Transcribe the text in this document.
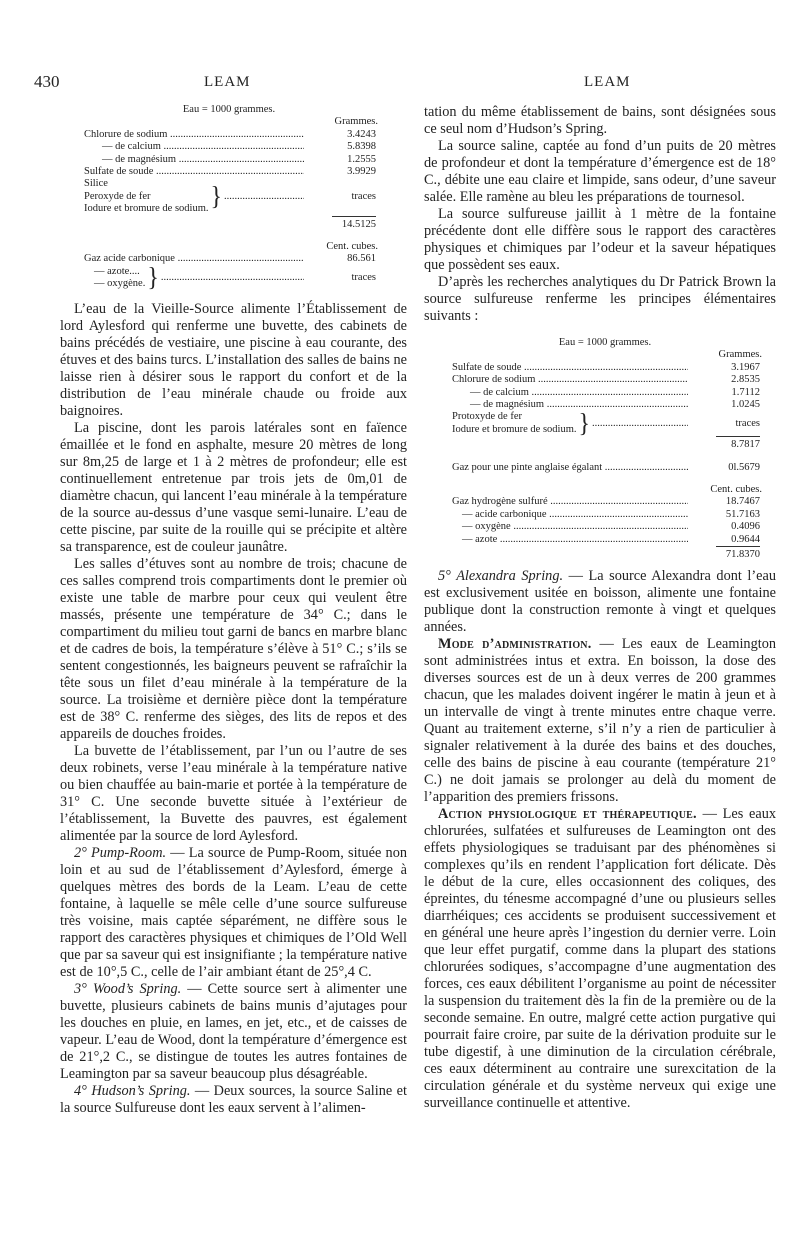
430	LEAM	LEAM
Eau = 1000 grammes.
Grammes.
Chlorure de sodium .....	3.4243
— de calcium .....	5.8398
— de magnésium .....	1.2555
Sulfate de soude .....	3.9929
Silice
Peroxyde de fer
Iodure et bromure de sodium. } .....	traces
14.5125
Cent. cubes.
Gaz acide carbonique .....	86.561
— azote....
— oxygène. } .....	traces

L’eau de la Vieille-Source alimente l’Établissement de lord Aylesford qui renferme une buvette, des cabinets de bains précédés de vestiaire, une piscine à eau courante, des étuves et des bains turcs. L’installation des salles de bains ne laisse rien à désirer sous le rapport du confort et de la distribution de l’eau minérale chaude ou froide aux baignoires.

La piscine, dont les parois latérales sont en faïence émaillée et le fond en asphalte, mesure 20 mètres de long sur 8m,25 de large et 1 à 2 mètres de profondeur; elle est continuellement entretenue par trois jets de 0m,01 de diamètre chacun, qui lancent l’eau minérale à la température de la source au-dessus d’une vasque semi-lunaire. L’eau de cette piscine, par suite de la rouille qui se précipite et altère sa transparence, est de couleur jaunâtre.

Les salles d’étuves sont au nombre de trois; chacune de ces salles comprend trois compartiments dont le premier où existe une table de marbre pour ceux qui veulent être massés, présente une température de 34° C.; dans le compartiment du milieu tout garni de bancs en marbre blanc et de cadres de bois, la température s’élève à 51° C.; s’ils se sentent congestionnés, les baigneurs peuvent se rafraîchir la tête sous un filet d’eau minérale à la température de la source. La troisième et dernière pièce dont la température est de 38° C. renferme des sièges, des lits de repos et des appareils de douches froides.

La buvette de l’établissement, par l’un ou l’autre de ses deux robinets, verse l’eau minérale à la température native ou bien chauffée au bain-marie et portée à la température de 31° C. Une seconde buvette située à l’extérieur de l’établissement, la Buvette des pauvres, est également alimentée par la source de lord Aylesford.

2° Pump-Room. — La source de Pump-Room, située non loin et au sud de l’établissement d’Aylesford, émerge à quelques mètres des bords de la Leam. L’eau de cette fontaine, à laquelle se mêle celle d’une source sulfureuse très voisine, mais captée séparément, ne diffère sous le rapport des caractères physiques et chimiques de l’Old Well que par sa saveur qui est insignifiante ; la température native est de 10°,5 C., celle de l’air ambiant étant de 25°,4 C.

3° Wood’s Spring. — Cette source sert à alimenter une buvette, plusieurs cabinets de bains munis d’ajutages pour les douches en pluie, en lames, en jet, etc., et de caisses de vapeur. L’eau de Wood, dont la température d’émergence est de 21°,2 C., se distingue de toutes les autres fontaines de Leamington par sa saveur beaucoup plus désagréable.

4° Hudson’s Spring. — Deux sources, la source Saline et la source Sulfureuse dont les eaux servent à l’alimen-

tation du même établissement de bains, sont désignées sous ce seul nom d’Hudson’s Spring.

La source saline, captée au fond d’un puits de 20 mètres de profondeur et dont la température d’émergence est de 18° C., débite une eau claire et limpide, sans odeur, d’une saveur salée. Elle ramène au bleu les préparations de tournesol.

La source sulfureuse jaillit à 1 mètre de la fontaine précédente dont elle diffère sous le rapport des caractères physiques et chimiques par l’odeur et la saveur hépatiques que possèdent ses eaux.

D’après les recherches analytiques du Dr Patrick Brown la source sulfureuse renferme les principes élémentaires suivants :

Eau = 1000 grammes.
Grammes.
Sulfate de soude .....	3.1967
Chlorure de sodium .....	2.8535
— de calcium .....	1.7112
— de magnésium .....	1.0245
Protoxyde de fer
Iodure et bromure de sodium. } .....	traces
8.7817
Gaz pour une pinte anglaise égalant .....	0l.5679
Cent. cubes.
Gaz hydrogène sulfuré .....	18.7467
— acide carbonique .....	51.7163
— oxygène .....	0.4096
— azote .....	0.9644
71.8370

5° Alexandra Spring. — La source Alexandra dont l’eau est exclusivement usitée en boisson, alimente une fontaine publique dont la construction remonte à vingt et quelques années.

Mode d’administration. — Les eaux de Leamington sont administrées intus et extra. En boisson, la dose des diverses sources est de un à deux verres de 200 grammes chacun, que les malades doivent ingérer le matin à jeun et à un intervalle de vingt à trente minutes entre chaque verre. Quant au traitement externe, s’il n’y a rien de particulier à signaler relativement à la durée des bains et des douches, celle des bains de piscine à eau courante (température 21° C.) ne doit jamais se prolonger au delà du moment de l’apparition des premiers frissons.

Action physiologique et thérapeutique. — Les eaux chlorurées, sulfatées et sulfureuses de Leamington ont des effets physiologiques se traduisant par des phénomènes si complexes qu’ils en rendent l’application fort délicate. Dès le début de la cure, elles occasionnent des coliques, des épreintes, du ténesme accompagné d’une ou plusieurs selles diarrhéiques; ces accidents se produisent successivement et en général une heure après l’ingestion du dernier verre. Loin que leur effet purgatif, comme dans la plupart des stations chlorurées sodiques, s’accompagne d’une augmentation des forces, ces eaux débilitent l’organisme au point de nécessiter la suspension du traitement dès la fin de la première ou de la seconde semaine. En outre, malgré cette action purgative qui pourrait faire croire, par suite de la dérivation produite sur le tube digestif, à une diminution de la circulation cérébrale, ces eaux déterminent au contraire une surexcitation de la circulation générale et du système nerveux qui exige une surveillance continuelle et attentive.
